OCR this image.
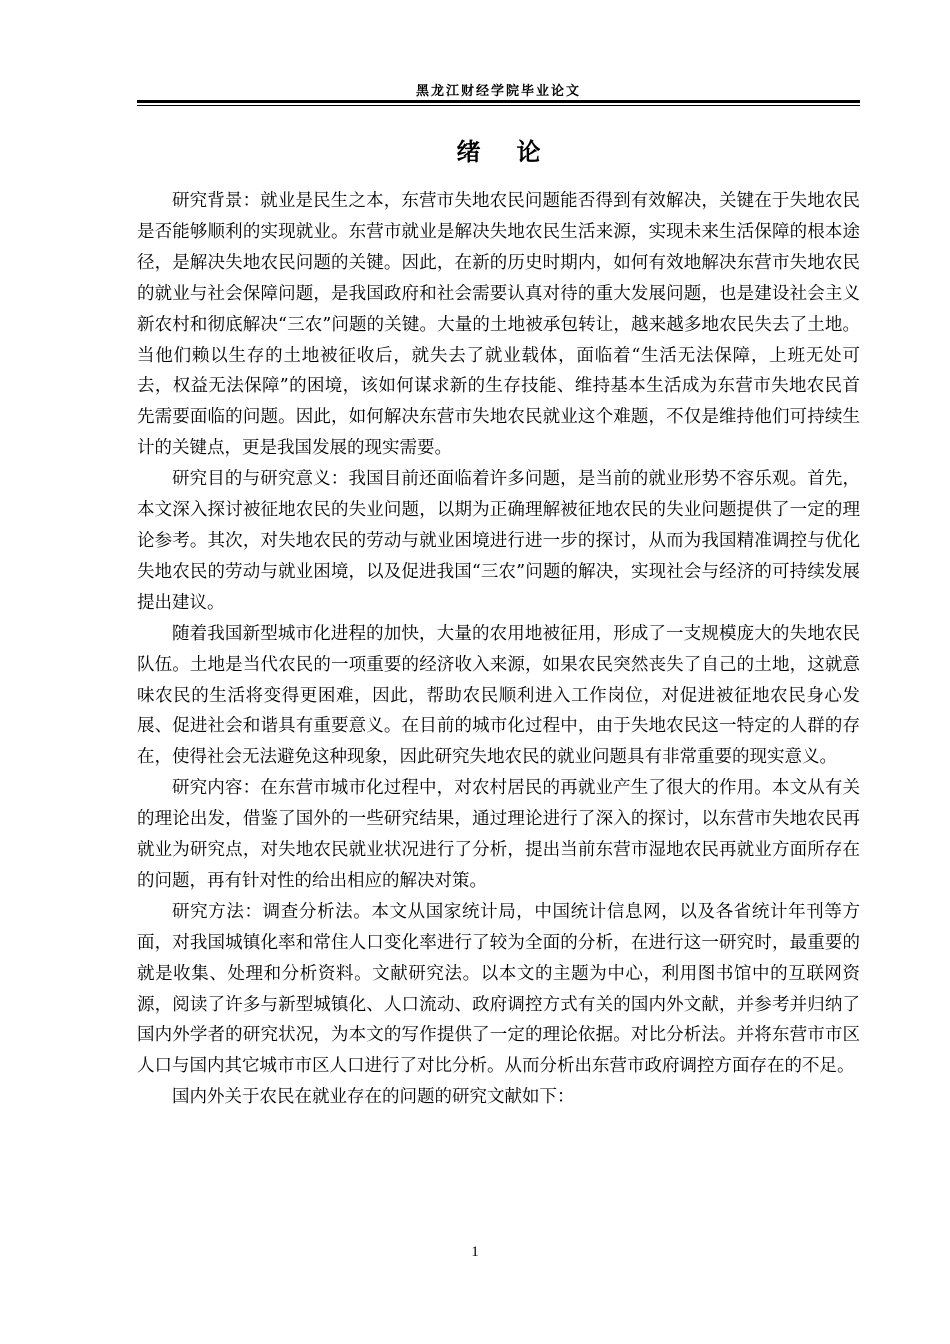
黑龙江财经学院毕业论文
绪论

研究背景：就业是民生之本，东营市失地农民问题能否得到有效解决，关键在于失地农民是否能够顺利的实现就业。东营市就业是解决失地农民生活来源，实现未来生活保障的根本途径，是解决失地农民问题的关键。因此，在新的历史时期内，如何有效地解决东营市失地农民的就业与社会保障问题，是我国政府和社会需要认真对待的重大发展问题，也是建设社会主义新农村和彻底解决“三农”问题的关键。大量的土地被承包转让，越来越多地农民失去了土地。当他们赖以生存的土地被征收后，就失去了就业载体，面临着“生活无法保障，上班无处可去，权益无法保障”的困境，该如何谋求新的生存技能、维持基本生活成为东营市失地农民首先需要面临的问题。因此，如何解决东营市失地农民就业这个难题，不仅是维持他们可持续生计的关键点，更是我国发展的现实需要。

研究目的与研究意义：我国目前还面临着许多问题，是当前的就业形势不容乐观。首先，本文深入探讨被征地农民的失业问题，以期为正确理解被征地农民的失业问题提供了一定的理论参考。其次，对失地农民的劳动与就业困境进行进一步的探讨，从而为我国精准调控与优化失地农民的劳动与就业困境，以及促进我国“三农”问题的解决，实现社会与经济的可持续发展提出建议。

随着我国新型城市化进程的加快，大量的农用地被征用，形成了一支规模庞大的失地农民队伍。土地是当代农民的一项重要的经济收入来源，如果农民突然丧失了自己的土地，这就意味农民的生活将变得更困难，因此，帮助农民顺利进入工作岗位，对促进被征地农民身心发展、促进社会和谐具有重要意义。在目前的城市化过程中，由于失地农民这一特定的人群的存在，使得社会无法避免这种现象，因此研究失地农民的就业问题具有非常重要的现实意义。

研究内容：在东营市城市化过程中，对农村居民的再就业产生了很大的作用。本文从有关的理论出发，借鉴了国外的一些研究结果，通过理论进行了深入的探讨，以东营市失地农民再就业为研究点，对失地农民就业状况进行了分析，提出当前东营市湿地农民再就业方面所存在的问题，再有针对性的给出相应的解决对策。

研究方法：调查分析法。本文从国家统计局，中国统计信息网，以及各省统计年刊等方面，对我国城镇化率和常住人口变化率进行了较为全面的分析，在进行这一研究时，最重要的就是收集、处理和分析资料。文献研究法。以本文的主题为中心，利用图书馆中的互联网资源，阅读了许多与新型城镇化、人口流动、政府调控方式有关的国内外文献，并参考并归纳了国内外学者的研究状况，为本文的写作提供了一定的理论依据。对比分析法。并将东营市市区人口与国内其它城市市区人口进行了对比分析。从而分析出东营市政府调控方面存在的不足。

国内外关于农民在就业存在的问题的研究文献如下：

1
